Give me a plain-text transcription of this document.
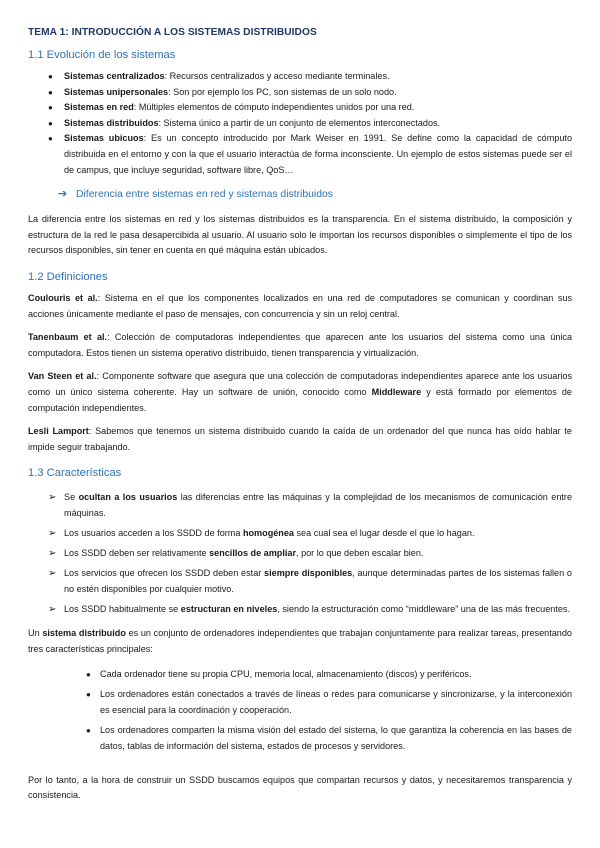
TEMA 1: INTRODUCCIÓN A LOS SISTEMAS DISTRIBUIDOS
1.1 Evolución de los sistemas
● Sistemas centralizados: Recursos centralizados y acceso mediante terminales.
● Sistemas unipersonales: Son por ejemplo los PC, son sistemas de un solo nodo.
● Sistemas en red: Múltiples elementos de cómputo independientes unidos por una red.
● Sistemas distribuidos: Sistema único a partir de un conjunto de elementos interconectados.
● Sistemas ubicuos: Es un concepto introducido por Mark Weiser en 1991. Se define como la capacidad de cómputo distribuida en el entorno y con la que el usuario interactúa de forma inconsciente. Un ejemplo de estos sistemas puede ser el de campus, que incluye seguridad, software libre, QoS…
➔ Diferencia entre sistemas en red y sistemas distribuidos

La diferencia entre los sistemas en red y los sistemas distribuidos es la transparencia. En el sistema distribuido, la composición y estructura de la red le pasa desapercibida al usuario. Al usuario solo le importan los recursos disponibles o simplemente el tipo de los recursos disponibles, sin tener en cuenta en qué máquina están ubicados.

1.2 Definiciones

Coulouris et al.: Sistema en el que los componentes localizados en una red de computadores se comunican y coordinan sus acciones únicamente mediante el paso de mensajes, con concurrencia y sin un reloj central.

Tanenbaum et al.: Colección de computadoras independientes que aparecen ante los usuarios del sistema como una única computadora. Estos tienen un sistema operativo distribuido, tienen transparencia y virtualización.

Van Steen et al.: Componente software que asegura que una colección de computadoras independientes aparece ante los usuarios como un único sistema coherente. Hay un software de unión, conocido como Middleware y está formado por elementos de computación independientes.

Lesli Lamport: Sabemos que tenemos un sistema distribuido cuando la caída de un ordenador del que nunca has oído hablar te impide seguir trabajando.

1.3 Características
➢ Se ocultan a los usuarios las diferencias entre las máquinas y la complejidad de los mecanismos de comunicación entre máquinas.
➢ Los usuarios acceden a los SSDD de forma homogénea sea cual sea el lugar desde el que lo hagan.
➢ Los SSDD deben ser relativamente sencillos de ampliar, por lo que deben escalar bien.
➢ Los servicios que ofrecen los SSDD deben estar siempre disponibles, aunque determinadas partes de los sistemas fallen o no estén disponibles por cualquier motivo.
➢ Los SSDD habitualmente se estructuran en niveles, siendo la estructuración como “middleware” una de las más frecuentes.

Un sistema distribuido es un conjunto de ordenadores independientes que trabajan conjuntamente para realizar tareas, presentando tres características principales:

● Cada ordenador tiene su propia CPU, memoria local, almacenamiento (discos) y periféricos.
● Los ordenadores están conectados a través de líneas o redes para comunicarse y sincronizarse, y la interconexión es esencial para la coordinación y cooperación.
● Los ordenadores comparten la misma visión del estado del sistema, lo que garantiza la coherencia en las bases de datos, tablas de información del sistema, estados de procesos y servidores.

Por lo tanto, a la hora de construir un SSDD buscamos equipos que compartan recursos y datos, y necesitaremos transparencia y consistencia.
